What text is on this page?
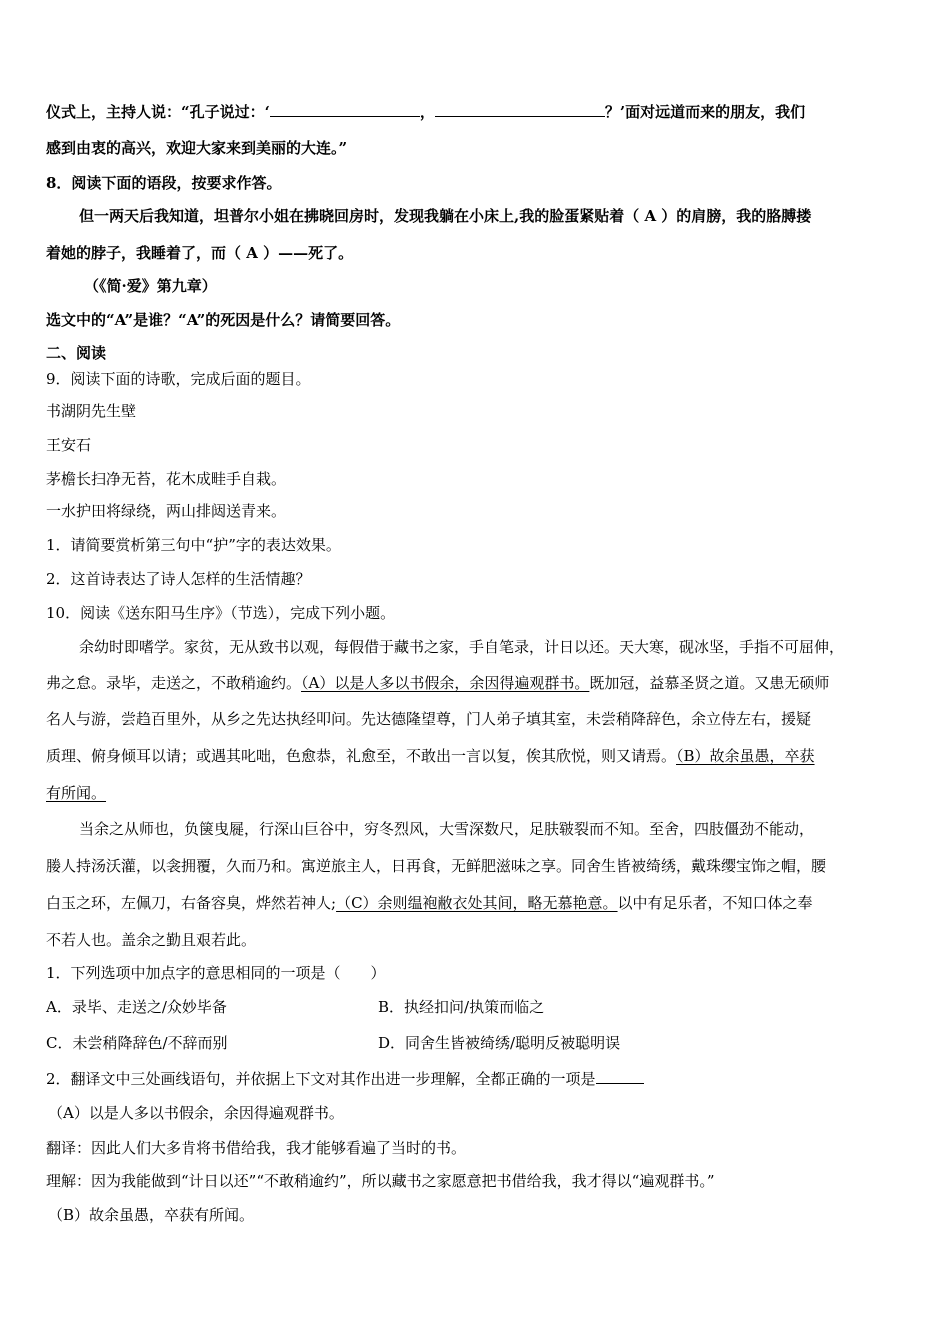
仪式上，主持人说：“孔子说过：‘	，	？’面对远道而来的朋友，我们
感到由衷的高兴，欢迎大家来到美丽的大连。”
8．阅读下面的语段，按要求作答。
但一两天后我知道，坦普尔小姐在拂晓回房时，发现我躺在小床上,我的脸蛋紧贴着（ A ）的肩膀，我的胳膊搂
着她的脖子，我睡着了，而（ A ）——死了。
（《简·爱》第九章）
选文中的“A”是谁？“A”的死因是什么？请简要回答。
二、阅读
9．阅读下面的诗歌，完成后面的题目。
书湖阴先生壁
王安石
茅檐长扫净无苔，花木成畦手自栽。
一水护田将绿绕，两山排闼送青来。
1．请简要赏析第三句中“护”字的表达效果。
2．这首诗表达了诗人怎样的生活情趣？
10．阅读《送东阳马生序》（节选），完成下列小题。
余幼时即嗜学。家贫，无从致书以观，每假借于藏书之家，手自笔录，计日以还。天大寒，砚冰坚，手指不可屈伸，
弗之怠。录毕，走送之，不敢稍逾约。（A）以是人多以书假余，余因得遍观群书。既加冠，益慕圣贤之道。又患无硕师
名人与游，尝趋百里外，从乡之先达执经叩问。先达德隆望尊，门人弟子填其室，未尝稍降辞色，余立侍左右，援疑
质理、俯身倾耳以请；或遇其叱咄，色愈恭，礼愈至，不敢出一言以复，俟其欣悦，则又请焉。（B）故余虽愚，卒获
有所闻。
当余之从师也，负箧曳屣，行深山巨谷中，穷冬烈风，大雪深数尺，足肤皲裂而不知。至舍，四肢僵劲不能动，
媵人持汤沃灌，以衾拥覆，久而乃和。寓逆旅主人，日再食，无鲜肥滋味之享。同舍生皆被绮绣，戴珠缨宝饰之帽，腰
白玉之环，左佩刀，右备容臭，烨然若神人;（C）余则缊袍敝衣处其间，略无慕艳意。以中有足乐者，不知口体之奉
不若人也。盖余之勤且艰若此。
1．下列选项中加点字的意思相同的一项是（　　）
A．录毕、走送之/众妙毕备	B．执经扣问/执策而临之
C．未尝稍降辞色/不辞而别	D．同舍生皆被绮绣/聪明反被聪明误
2．翻译文中三处画线语句，并依据上下文对其作出进一步理解，全都正确的一项是
（A）以是人多以书假余，余因得遍观群书。
翻译：因此人们大多肯将书借给我，我才能够看遍了当时的书。
理解：因为我能做到“计日以还”“不敢稍逾约”，所以藏书之家愿意把书借给我，我才得以“遍观群书。”
（B）故余虽愚，卒获有所闻。
